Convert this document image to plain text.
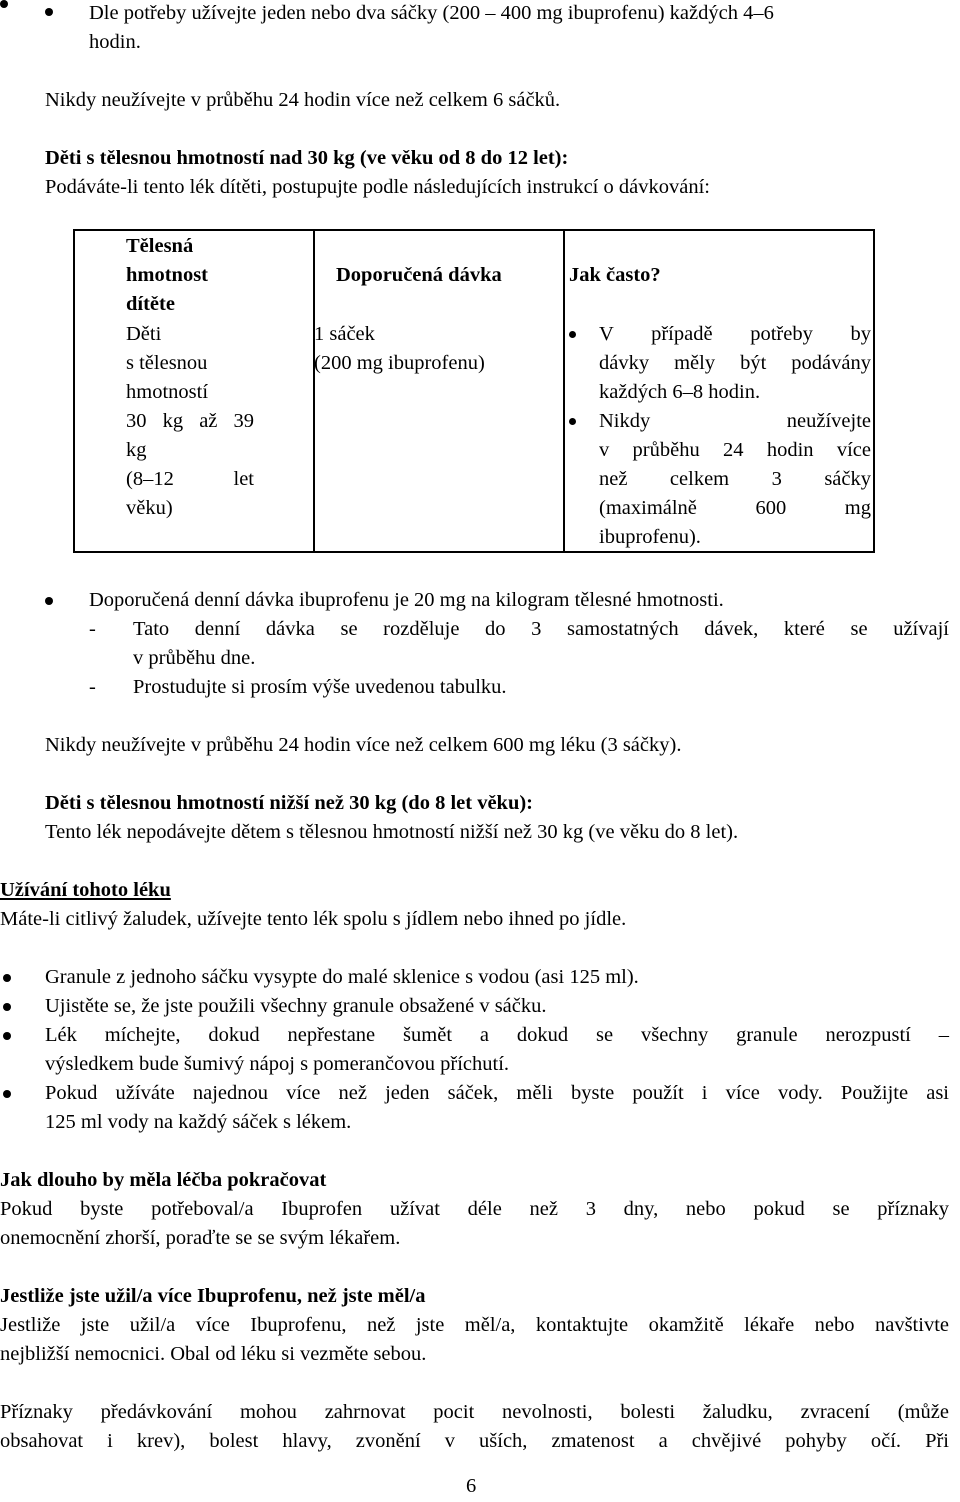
Dle potřeby užívejte jeden nebo dva sáčky (200 – 400 mg ibuprofenu) každých 4–6
hodin.
Nikdy neužívejte v průběhu 24 hodin více než celkem 6 sáčků.
Děti s tělesnou hmotností nad 30 kg (ve věku od 8 do 12 let):
Podáváte-li tento lék dítěti, postupujte podle následujících instrukcí o dávkování:
Tělesná
hmotnost
dítěte
Děti
s tělesnou
hmotností
30 kg až 39
kg
(8–12 let
věku)
Doporučená dávka
1 sáček
(200 mg ibuprofenu)
Jak často?
V případě potřeby by
dávky měly být podávány
každých 6–8 hodin.
Nikdy neužívejte
v průběhu 24 hodin více
než celkem 3 sáčky
(maximálně 600 mg
ibuprofenu).
Doporučená denní dávka ibuprofenu je 20 mg na kilogram tělesné hmotnosti.
- Tato denní dávka se rozděluje do 3 samostatných dávek, které se užívají
v průběhu dne.
- Prostudujte si prosím výše uvedenou tabulku.
Nikdy neužívejte v průběhu 24 hodin více než celkem 600 mg léku (3 sáčky).
Děti s tělesnou hmotností nižší než 30 kg (do 8 let věku):
Tento lék nepodávejte dětem s tělesnou hmotností nižší než 30 kg (ve věku do 8 let).
Užívání tohoto léku
Máte-li citlivý žaludek, užívejte tento lék spolu s jídlem nebo ihned po jídle.
Granule z jednoho sáčku vysypte do malé sklenice s vodou (asi 125 ml).
Ujistěte se, že jste použili všechny granule obsažené v sáčku.
Lék míchejte, dokud nepřestane šumět a dokud se všechny granule nerozpustí –
výsledkem bude šumivý nápoj s pomerančovou příchutí.
Pokud užíváte najednou více než jeden sáček, měli byste použít i více vody. Použijte asi
125 ml vody na každý sáček s lékem.
Jak dlouho by měla léčba pokračovat
Pokud byste potřeboval/a Ibuprofen užívat déle než 3 dny, nebo pokud se příznaky
onemocnění zhorší, poraďte se se svým lékařem.
Jestliže jste užil/a více Ibuprofenu, než jste měl/a
Jestliže jste užil/a více Ibuprofenu, než jste měl/a, kontaktujte okamžitě lékaře nebo navštivte
nejbližší nemocnici. Obal od léku si vezměte sebou.
Příznaky předávkování mohou zahrnovat pocit nevolnosti, bolesti žaludku, zvracení (může
obsahovat i krev), bolest hlavy, zvonění v uších, zmatenost a chvějivé pohyby očí. Při
6
